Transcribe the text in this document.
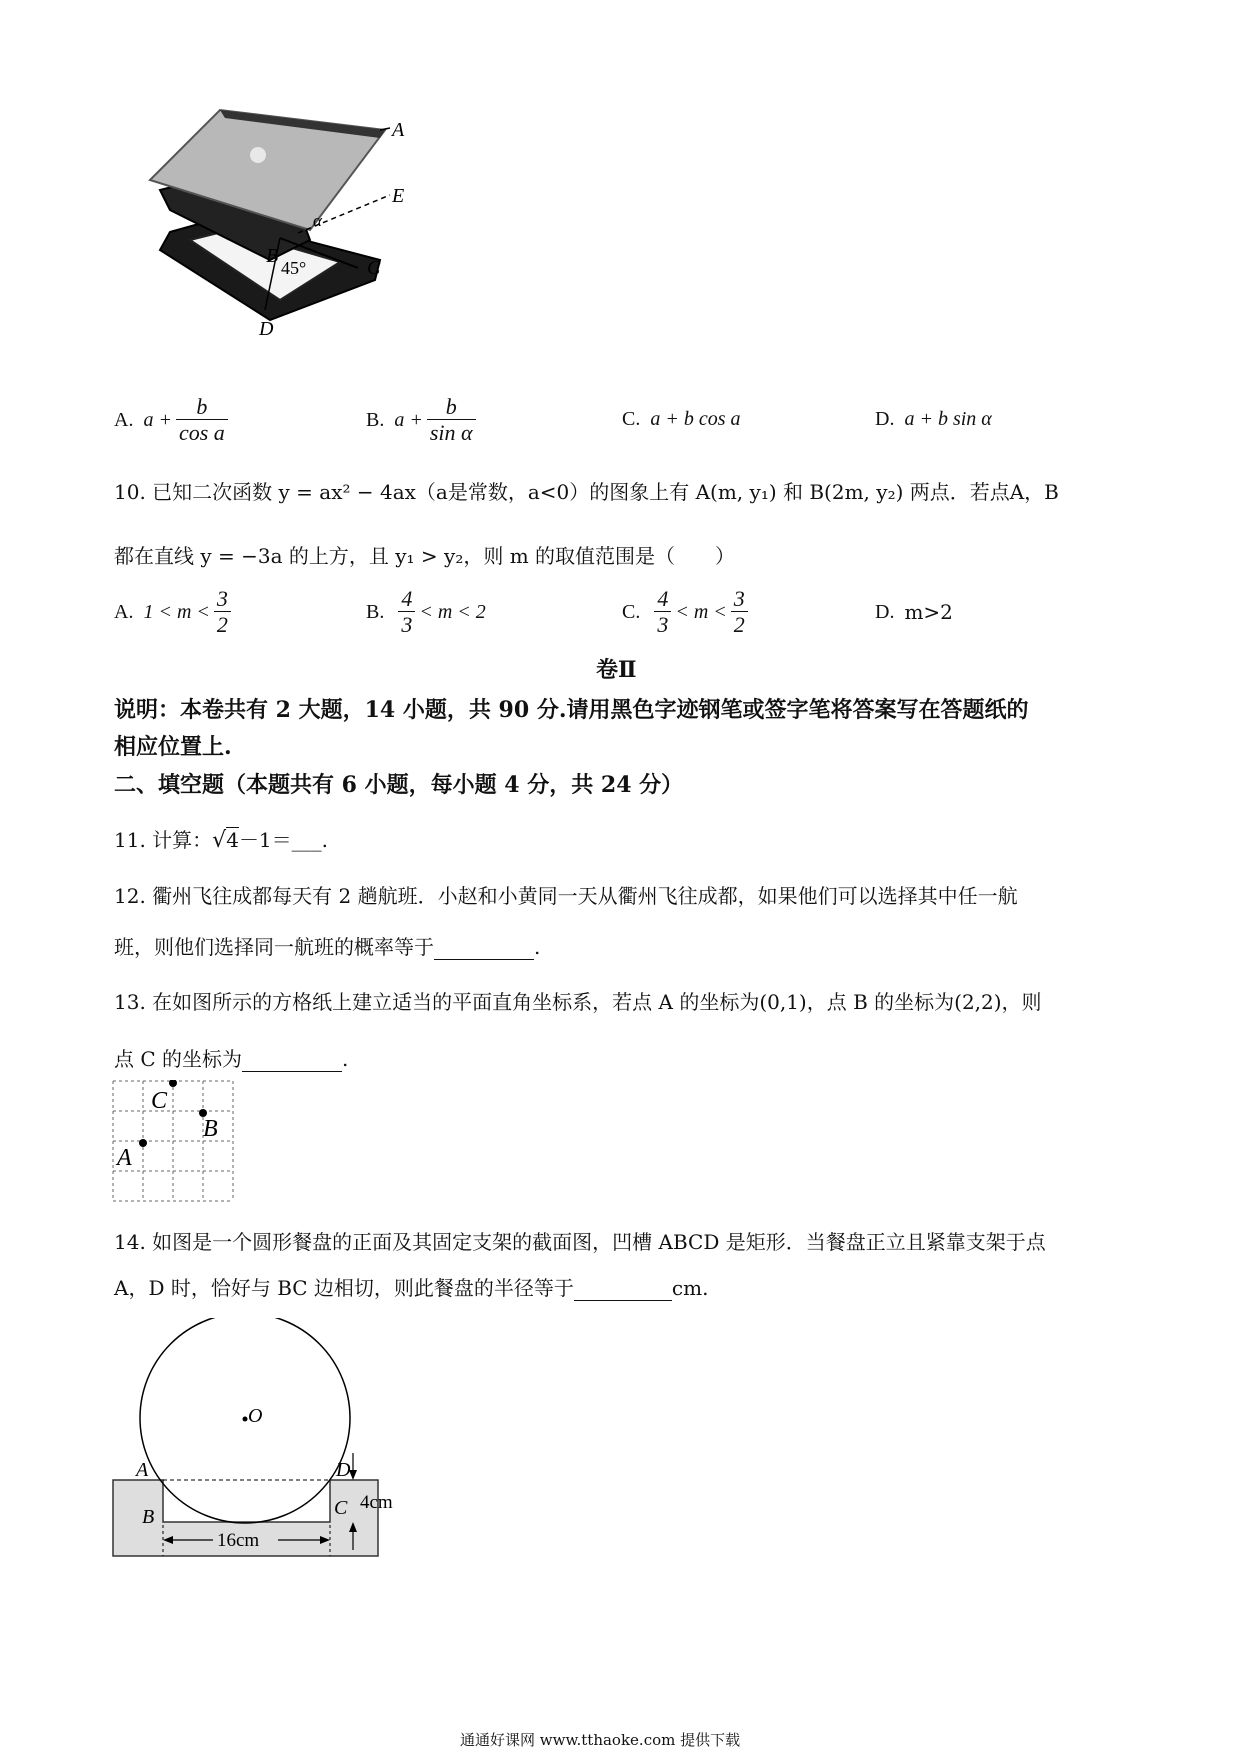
A
E
α
B
45°	C
D
A. $a + \frac{b}{\text{cos a}}$	B. $a + \frac{b}{\text{sin α}}$	C. a + b cos a	D. a + b sin α
10. 已知二次函数 y = ax² − 4ax（a是常数，a<0）的图象上有 A(m, y₁) 和 B(2m, y₂) 两点．若点A，B
都在直线 y = −3a 的上方，且 y₁ > y₂，则 m 的取值范围是（　　）
A. $1 < m < \frac{3}{2}$	B. $\frac{4}{3} < m < 2$	C. $\frac{4}{3} < m < \frac{3}{2}$	D. m>2
卷Ⅱ
说明：本卷共有 2 大题，14 小题，共 90 分.请用黑色字迹钢笔或签字笔将答案写在答题纸的
相应位置上.
二、填空题（本题共有 6 小题，每小题 4 分，共 24 分）
11. 计算：√4－1＝___.
12. 衢州飞往成都每天有 2 趟航班．小赵和小黄同一天从衢州飞往成都，如果他们可以选择其中任一航
班，则他们选择同一航班的概率等于	.
13. 在如图所示的方格纸上建立适当的平面直角坐标系，若点 A 的坐标为(0,1)，点 B 的坐标为(2,2)，则
点 C 的坐标为	.
C
B
A
14. 如图是一个圆形餐盘的正面及其固定支架的截面图，凹槽 ABCD 是矩形．当餐盘正立且紧靠支架于点
A，D 时，恰好与 BC 边相切，则此餐盘的半径等于	cm.
O
A	D
B	C
16cm
4cm
通通好课网 www.tthaoke.com 提供下载
